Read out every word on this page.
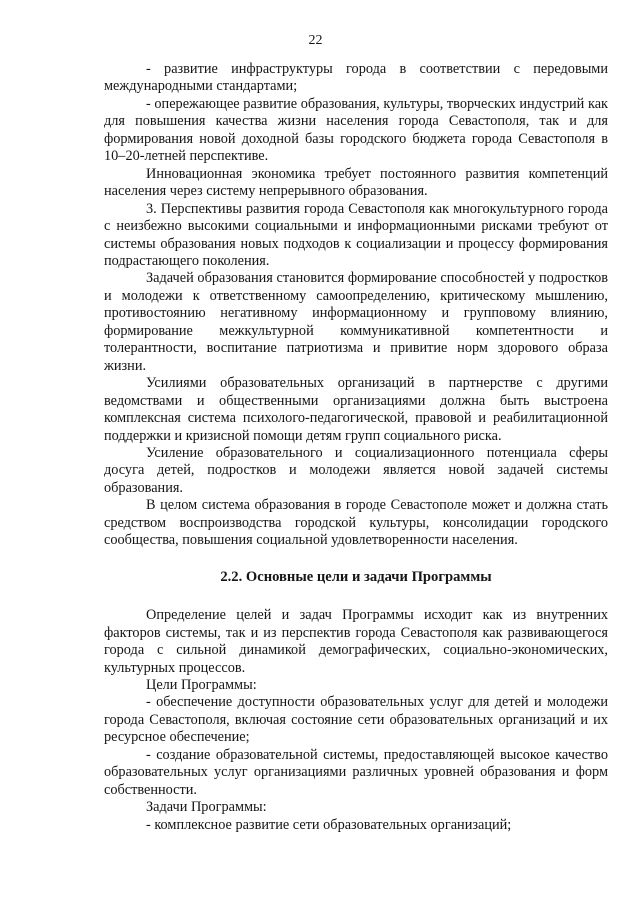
22

- развитие инфраструктуры города в соответствии с передовыми международными стандартами;

- опережающее развитие образования, культуры, творческих индустрий как для повышения качества жизни населения города Севастополя, так и для формирования новой доходной базы городского бюджета города Севастополя в 10–20-летней перспективе.

Инновационная экономика требует постоянного развития компетенций населения через систему непрерывного образования.

3. Перспективы развития города Севастополя как многокультурного города с неизбежно высокими социальными и информационными рисками требуют от системы образования новых подходов к социализации и процессу формирования подрастающего поколения.

Задачей образования становится формирование способностей у подростков и молодежи к ответственному самоопределению, критическому мышлению, противостоянию негативному информационному и групповому влиянию, формирование межкультурной коммуникативной компетентности и толерантности, воспитание патриотизма и привитие норм здорового образа жизни.

Усилиями образовательных организаций в партнерстве с другими ведомствами и общественными организациями должна быть выстроена комплексная система психолого-педагогической, правовой и реабилитационной поддержки и кризисной помощи детям групп социального риска.

Усиление образовательного и социализационного потенциала сферы досуга детей, подростков и молодежи является новой задачей системы образования.

В целом система образования в городе Севастополе может и должна стать средством воспроизводства городской культуры, консолидации городского сообщества, повышения социальной удовлетворенности населения.

2.2. Основные цели и задачи Программы

Определение целей и задач Программы исходит как из внутренних факторов системы, так и из перспектив города Севастополя как развивающегося города с сильной динамикой демографических, социально-экономических, культурных процессов.

Цели Программы:

- обеспечение доступности образовательных услуг для детей и молодежи города Севастополя, включая состояние сети образовательных организаций и их ресурсное обеспечение;

- создание образовательной системы, предоставляющей высокое качество образовательных услуг организациями различных уровней образования и форм собственности.

Задачи Программы:

- комплексное развитие сети образовательных организаций;
